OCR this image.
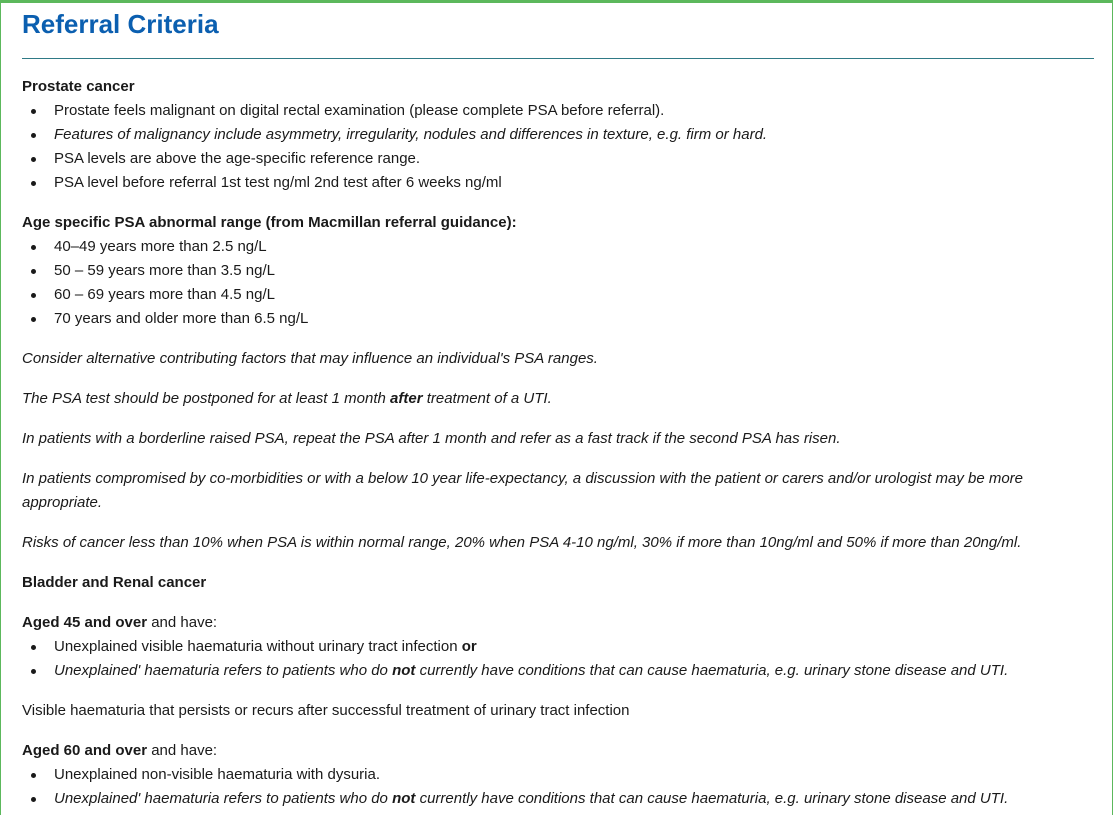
Referral Criteria

Prostate cancer

Prostate feels malignant on digital rectal examination (please complete PSA before referral).
Features of malignancy include asymmetry, irregularity, nodules and differences in texture, e.g. firm or hard.
PSA levels are above the age-specific reference range.
PSA level before referral 1st test ng/ml 2nd test after 6 weeks ng/ml

Age specific PSA abnormal range (from Macmillan referral guidance):

40–49 years more than 2.5 ng/L
50 – 59 years more than 3.5 ng/L
60 – 69 years more than 4.5 ng/L
70 years and older more than 6.5 ng/L

Consider alternative contributing factors that may influence an individual's PSA ranges.

The PSA test should be postponed for at least 1 month after treatment of a UTI.

In patients with a borderline raised PSA, repeat the PSA after 1 month and refer as a fast track if the second PSA has risen.

In patients compromised by co-morbidities or with a below 10 year life-expectancy, a discussion with the patient or carers and/or urologist may be more appropriate.

Risks of cancer less than 10% when PSA is within normal range, 20% when PSA 4-10 ng/ml, 30% if more than 10ng/ml and 50% if more than 20ng/ml.

Bladder and Renal cancer

Aged 45 and over and have:

Unexplained visible haematuria without urinary tract infection or
Unexplained' haematuria refers to patients who do not currently have conditions that can cause haematuria, e.g. urinary stone disease and UTI.

Visible haematuria that persists or recurs after successful treatment of urinary tract infection

Aged 60 and over and have:

Unexplained non-visible haematuria with dysuria.
Unexplained' haematuria refers to patients who do not currently have conditions that can cause haematuria, e.g. urinary stone disease and UTI.
